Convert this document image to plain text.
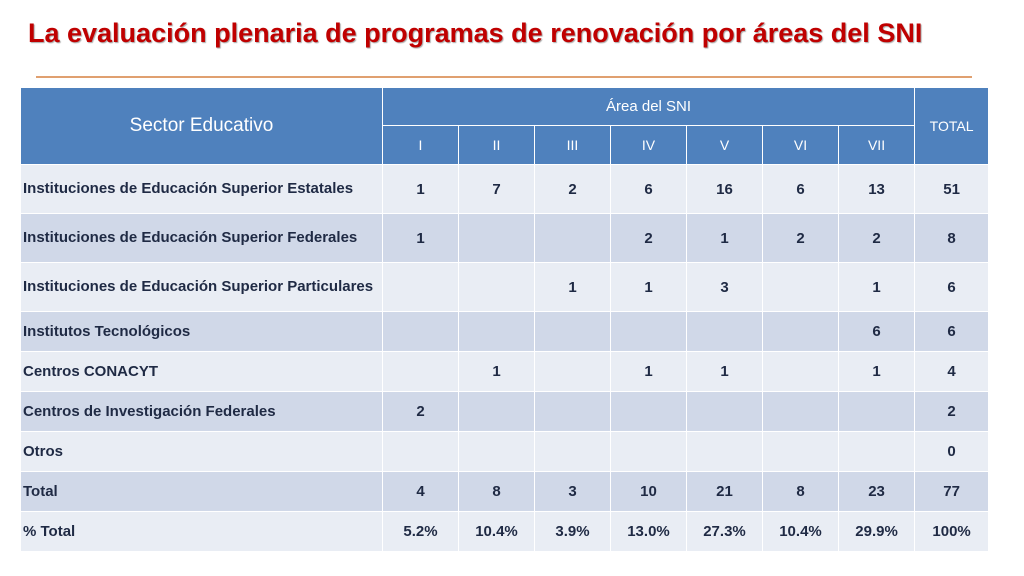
La evaluación plenaria de programas de renovación por áreas del SNI
Sector Educativo	Área del SNI							TOTAL
	I	II	III	IV	V	VI	VII	
Instituciones de Educación Superior Estatales	1	7	2	6	16	6	13	51
Instituciones de Educación Superior Federales	1			2	1	2	2	8
Instituciones de Educación Superior Particulares			1	1	3		1	6
Institutos Tecnológicos							6	6
Centros CONACYT		1		1	1		1	4
Centros de Investigación Federales	2							2
Otros								0
Total	4	8	3	10	21	8	23	77
% Total	5.2%	10.4%	3.9%	13.0%	27.3%	10.4%	29.9%	100%
